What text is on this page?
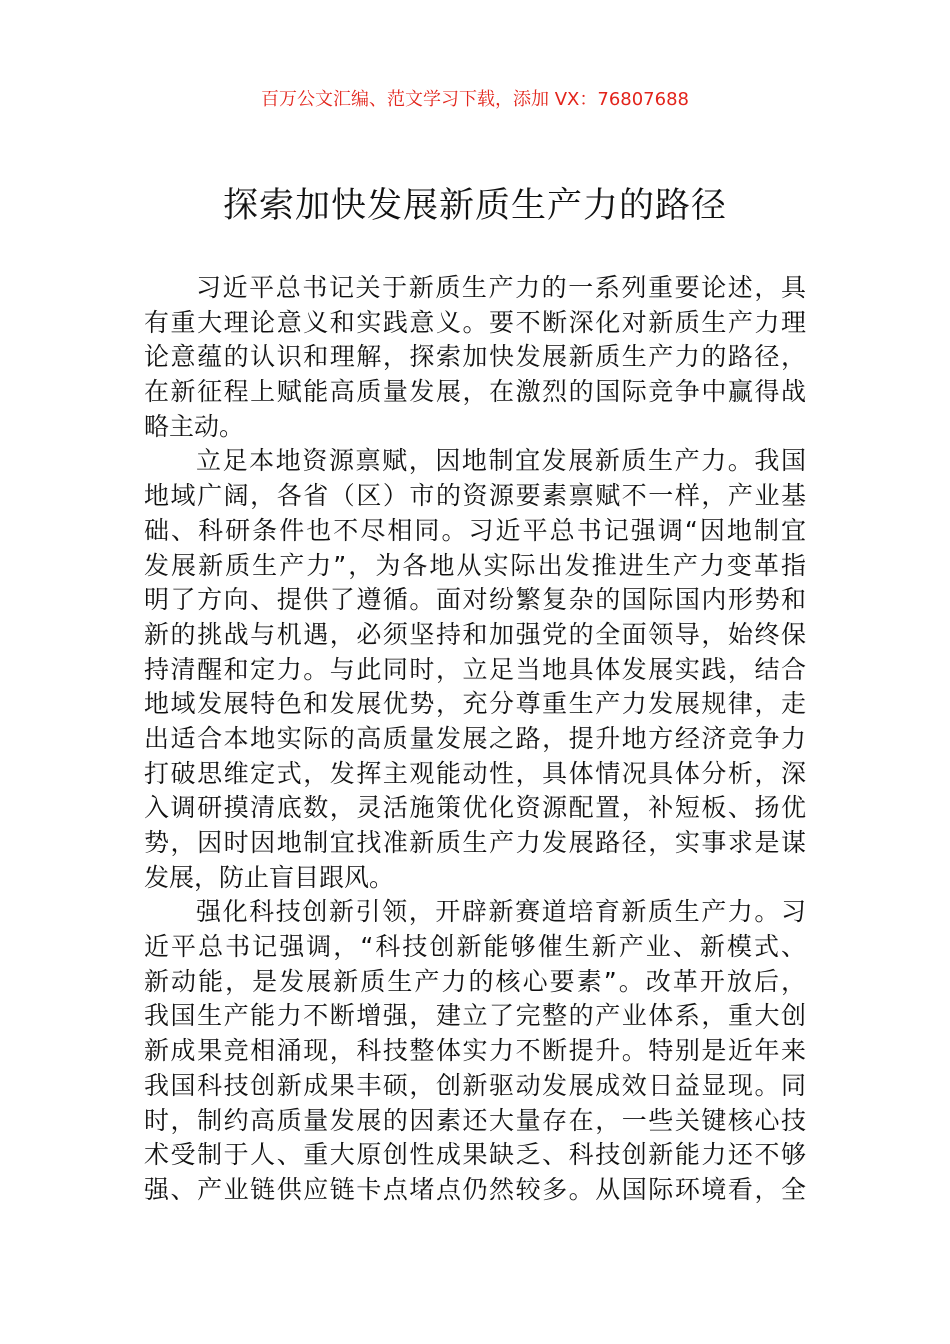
百万公文汇编、范文学习下载，添加 VX：76807688
探索加快发展新质生产力的路径
习近平总书记关于新质生产力的一系列重要论述，具
有重大理论意义和实践意义。要不断深化对新质生产力理
论意蕴的认识和理解，探索加快发展新质生产力的路径，
在新征程上赋能高质量发展，在激烈的国际竞争中赢得战
略主动。
立足本地资源禀赋，因地制宜发展新质生产力。我国
地域广阔，各省（区）市的资源要素禀赋不一样，产业基
础、科研条件也不尽相同。习近平总书记强调“因地制宜
发展新质生产力”，为各地从实际出发推进生产力变革指
明了方向、提供了遵循。面对纷繁复杂的国际国内形势和
新的挑战与机遇，必须坚持和加强党的全面领导，始终保
持清醒和定力。与此同时，立足当地具体发展实践，结合
地域发展特色和发展优势，充分尊重生产力发展规律，走
出适合本地实际的高质量发展之路，提升地方经济竞争力
打破思维定式，发挥主观能动性，具体情况具体分析，深
入调研摸清底数，灵活施策优化资源配置，补短板、扬优
势，因时因地制宜找准新质生产力发展路径，实事求是谋
发展，防止盲目跟风。
强化科技创新引领，开辟新赛道培育新质生产力。习
近平总书记强调，“科技创新能够催生新产业、新模式、
新动能，是发展新质生产力的核心要素”。改革开放后，
我国生产能力不断增强，建立了完整的产业体系，重大创
新成果竞相涌现，科技整体实力不断提升。特别是近年来
我国科技创新成果丰硕，创新驱动发展成效日益显现。同
时，制约高质量发展的因素还大量存在，一些关键核心技
术受制于人、重大原创性成果缺乏、科技创新能力还不够
强、产业链供应链卡点堵点仍然较多。从国际环境看，全
